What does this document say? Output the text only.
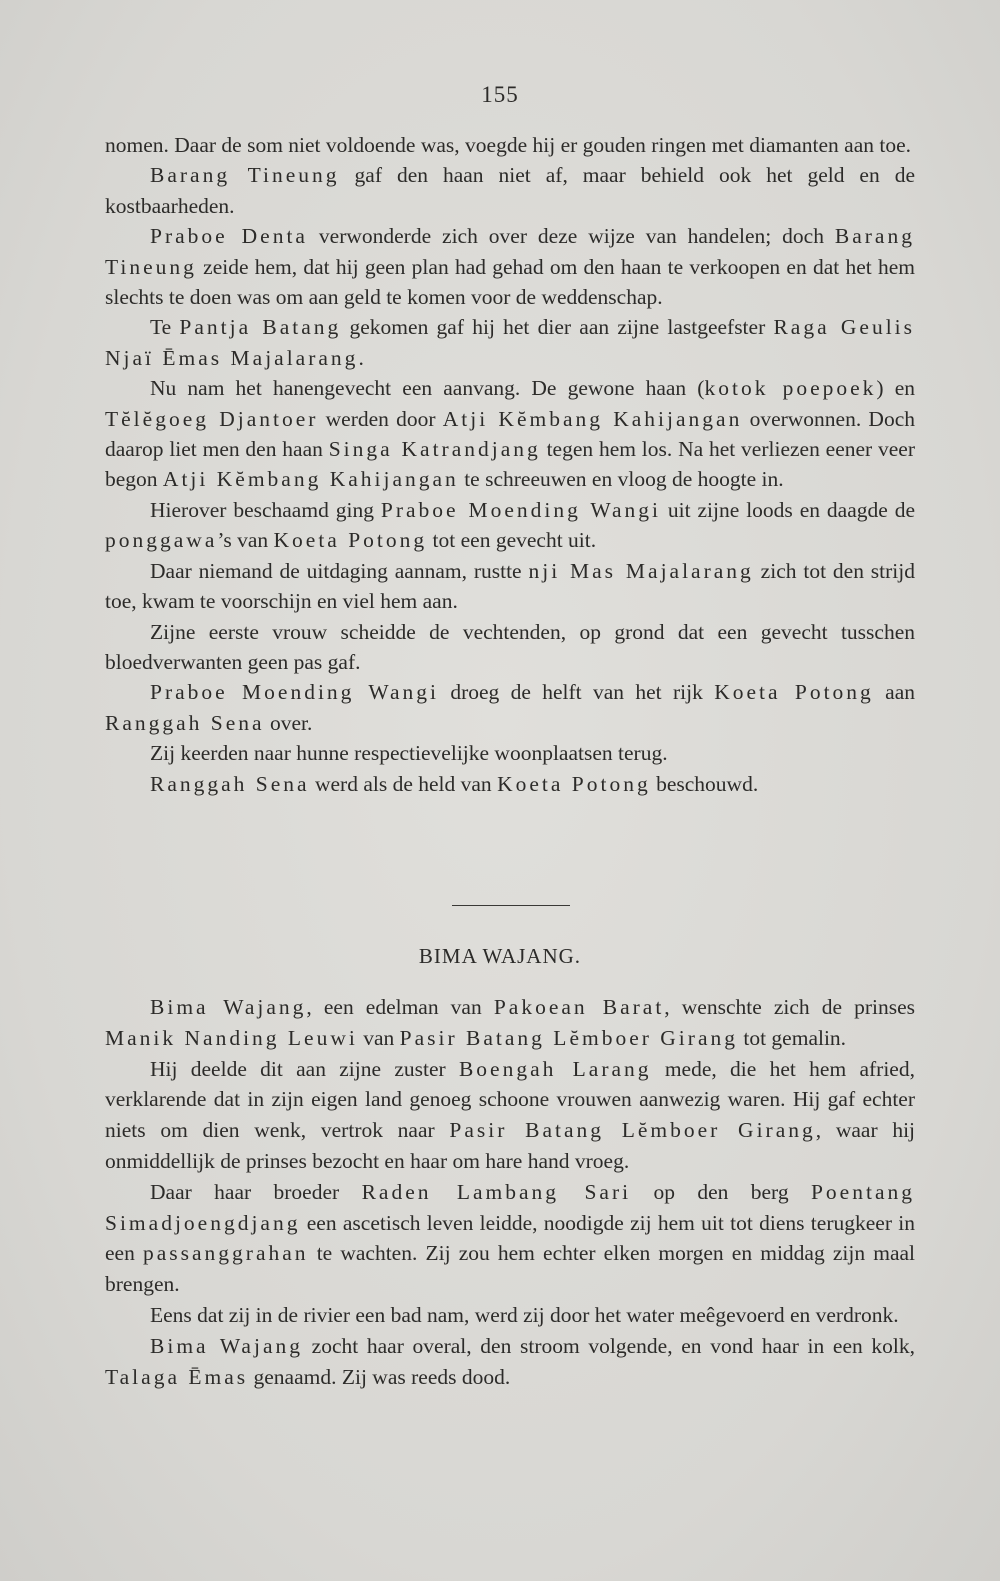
155

nomen. Daar de som niet voldoende was, voegde hij er gouden ringen met diamanten aan toe.

Barang Tineung gaf den haan niet af, maar behield ook het geld en de kostbaarheden.

Praboe Denta verwonderde zich over deze wijze van handelen; doch Barang Tineung zeide hem, dat hij geen plan had gehad om den haan te verkoopen en dat het hem slechts te doen was om aan geld te komen voor de weddenschap.

Te Pantja Batang gekomen gaf hij het dier aan zijne lastgeefster Raga Geulis Njaï Ēmas Majalarang.

Nu nam het hanengevecht een aanvang. De gewone haan (kotok poepoek) en Tĕlĕgoeg Djantoer werden door Atji Kĕmbang Kahijangan overwonnen. Doch daarop liet men den haan Singa Katrandjang tegen hem los. Na het verliezen eener veer begon Atji Kĕmbang Kahijangan te schreeuwen en vloog de hoogte in.

Hierover beschaamd ging Praboe Moending Wangi uit zijne loods en daagde de ponggawa’s van Koeta Potong tot een gevecht uit.

Daar niemand de uitdaging aannam, rustte nji Mas Majalarang zich tot den strijd toe, kwam te voorschijn en viel hem aan.

Zijne eerste vrouw scheidde de vechtenden, op grond dat een gevecht tusschen bloedverwanten geen pas gaf.

Praboe Moending Wangi droeg de helft van het rijk Koeta Potong aan Ranggah Sena over.

Zij keerden naar hunne respectievelijke woonplaatsen terug.

Ranggah Sena werd als de held van Koeta Potong beschouwd.

BIMA WAJANG.

Bima Wajang, een edelman van Pakoean Barat, wenschte zich de prinses Manik Nanding Leuwi van Pasir Batang Lĕmboer Girang tot gemalin.

Hij deelde dit aan zijne zuster Boengah Larang mede, die het hem afried, verklarende dat in zijn eigen land genoeg schoone vrouwen aanwezig waren. Hij gaf echter niets om dien wenk, vertrok naar Pasir Batang Lĕmboer Girang, waar hij onmiddellijk de prinses bezocht en haar om hare hand vroeg.

Daar haar broeder Raden Lambang Sari op den berg Poentang Simadjoengdjang een ascetisch leven leidde, noodigde zij hem uit tot diens terugkeer in een passanggrahan te wachten. Zij zou hem echter elken morgen en middag zijn maal brengen.

Eens dat zij in de rivier een bad nam, werd zij door het water meêgevoerd en verdronk.

Bima Wajang zocht haar overal, den stroom volgende, en vond haar in een kolk, Talaga Ēmas genaamd. Zij was reeds dood.
